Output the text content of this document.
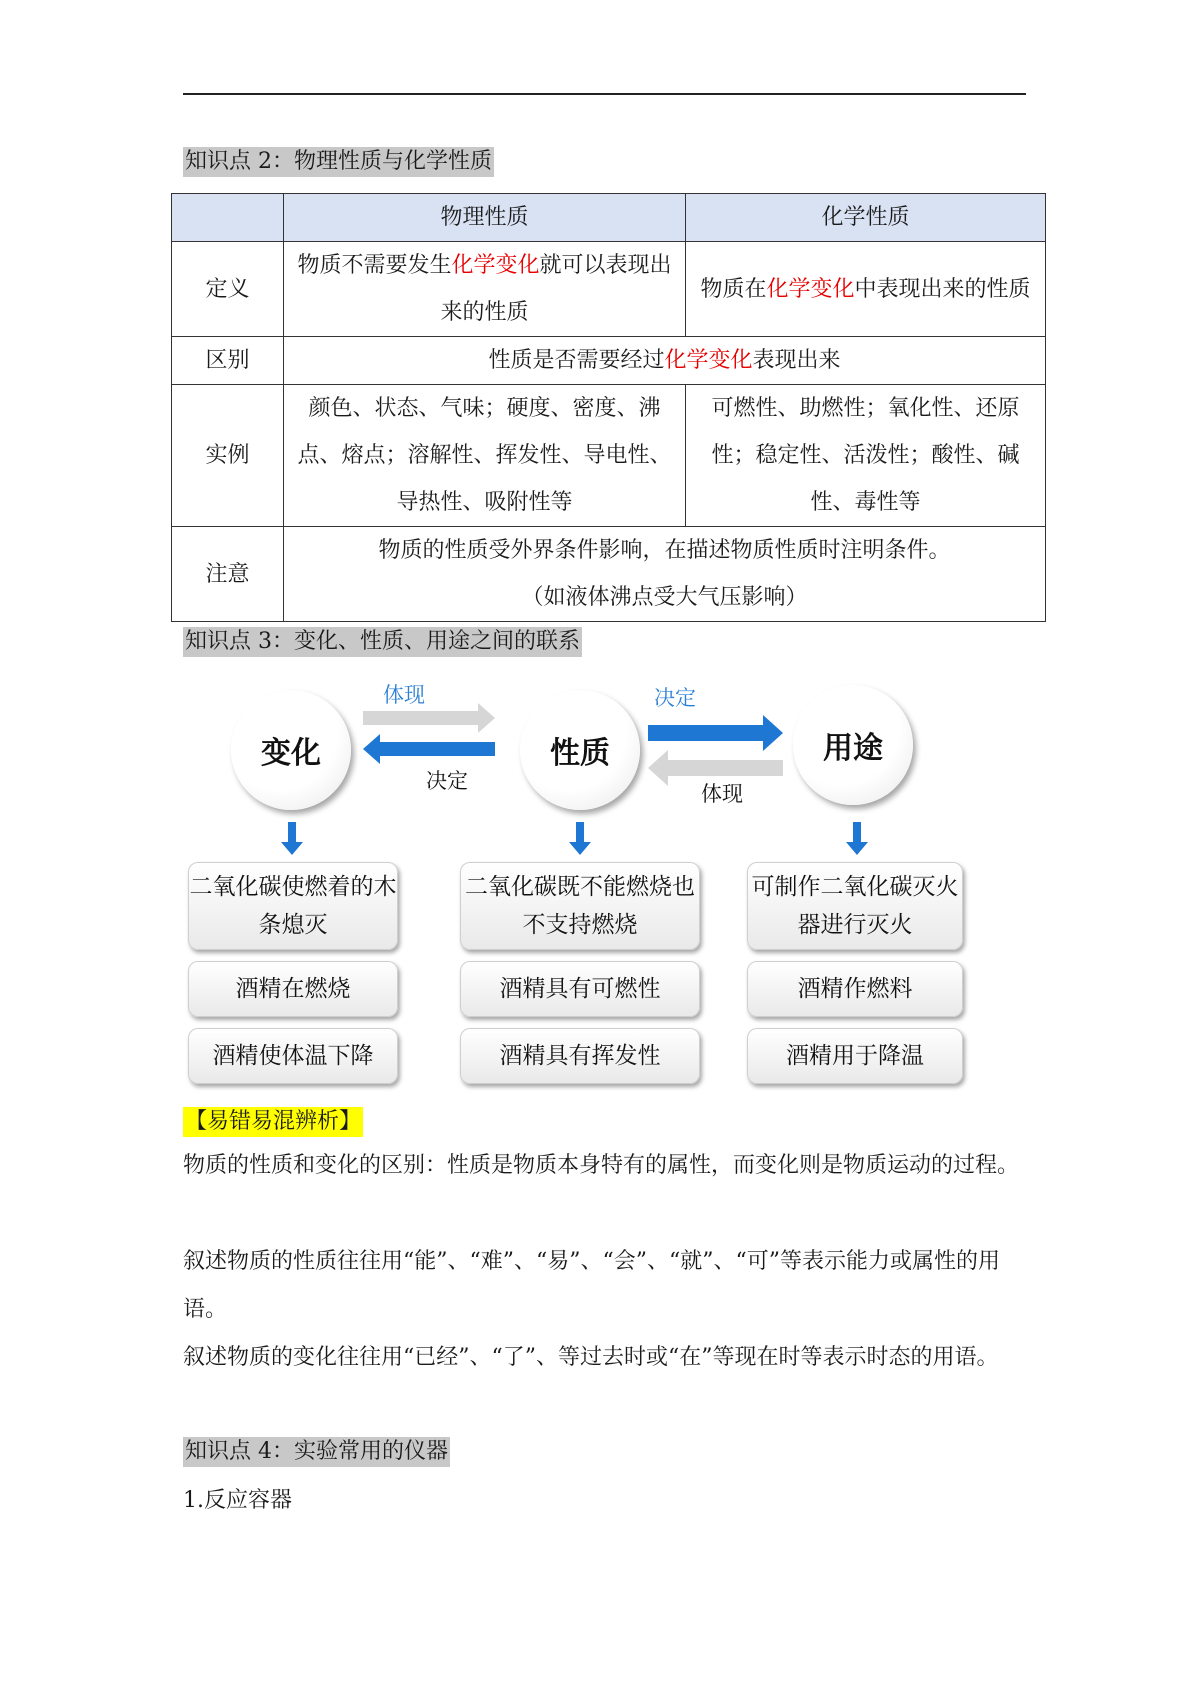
知识点 2：物理性质与化学性质
	物理性质	化学性质
定义	物质不需要发生化学变化就可以表现出来的性质	物质在化学变化中表现出来的性质
区别	性质是否需要经过化学变化表现出来	
实例	颜色、状态、气味；硬度、密度、沸点、熔点；溶解性、挥发性、导电性、导热性、吸附性等	可燃性、助燃性；氧化性、还原性；稳定性、活泼性；酸性、碱性、毒性等
注意	物质的性质受外界条件影响，在描述物质性质时注明条件。
（如液体沸点受大气压影响）	
知识点 3：变化、性质、用途之间的联系
变化	性质	用途
体现
决定
决定
体现
二氧化碳使燃着的木条熄灭
酒精在燃烧
酒精使体温下降
二氧化碳既不能燃烧也不支持燃烧
酒精具有可燃性
酒精具有挥发性
可制作二氧化碳灭火器进行灭火
酒精作燃料
酒精用于降温
【易错易混辨析】
物质的性质和变化的区别：性质是物质本身特有的属性，而变化则是物质运动的过程。
叙述物质的性质往往用“能”、“难”、“易”、“会”、“就”、“可”等表示能力或属性的用语。
叙述物质的变化往往用“已经”、“了”、等过去时或“在”等现在时等表示时态的用语。
知识点 4：实验常用的仪器
1.反应容器
